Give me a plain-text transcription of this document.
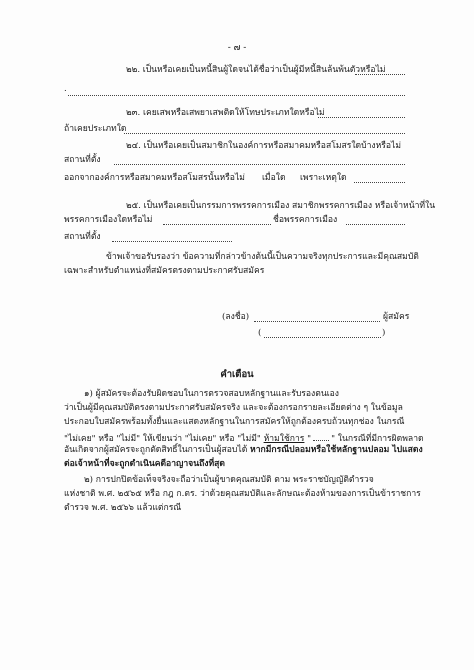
- ๗ -
๒๒. เป็นหรือเคยเป็นหนี้สินผู้ใดจนได้ชื่อว่าเป็นผู้มีหนี้สินล้นพ้นตัวหรือไม่
.
๒๓. เคยเสพหรือเสพยาเสพติดให้โทษประเภทใดหรือไม่
ถ้าเคยประเภทใด
๒๔. เป็นหรือเคยเป็นสมาชิกในองค์การหรือสมาคมหรือสโมสรใดบ้างหรือไม่
สถานที่ตั้ง
ออกจากองค์การหรือสมาคมหรือสโมสรนั้นหรือไม่ เมื่อใด เพราะเหตุใด
๒๕. เป็นหรือเคยเป็นกรรมการพรรคการเมือง สมาชิกพรรคการเมือง หรือเจ้าหน้าที่ใน
พรรคการเมืองใดหรือไม่	ชื่อพรรคการเมือง
สถานที่ตั้ง
ข้าพเจ้าขอรับรองว่า ข้อความที่กล่าวข้างต้นนี้เป็นความจริงทุกประการและมีคุณสมบัติ
เฉพาะสำหรับตำแหน่งที่สมัครตรงตามประกาศรับสมัคร
(ลงชื่อ)	ผู้สมัคร
(	)
คำเตือน
๑) ผู้สมัครจะต้องรับผิดชอบในการตรวจสอบหลักฐานและรับรองตนเอง
ว่าเป็นผู้มีคุณสมบัติตรงตามประกาศรับสมัครจริง และจะต้องกรอกรายละเอียดต่าง ๆ ในข้อมูล
ประกอบใบสมัครพร้อมทั้งยื่นและแสดงหลักฐานในการสมัครให้ถูกต้องครบถ้วนทุกช่อง ในกรณี
"ไม่เคย" หรือ "ไม่มี" ให้เขียนว่า "ไม่เคย" หรือ "ไม่มี" ห้ามใช้การ " " ในกรณีที่มีการผิดพลาด
อันเกิดจากผู้สมัครจะถูกตัดสิทธิ์ในการเป็นผู้สอบได้ หากมีกรณีปลอมหรือใช้หลักฐานปลอม ไปแสดง
ต่อเจ้าหน้าที่จะถูกดำเนินคดีอาญาจนถึงที่สุด
๒) การปกปิดข้อเท็จจริงจะถือว่าเป็นผู้ขาดคุณสมบัติ ตาม พระราชบัญญัติตำรวจ
แห่งชาติ พ.ศ. ๒๕๖๕ หรือ กฎ ก.ตร. ว่าด้วยคุณสมบัติและลักษณะต้องห้ามของการเป็นข้าราชการ
ตำรวจ พ.ศ. ๒๕๖๖ แล้วแต่กรณี
